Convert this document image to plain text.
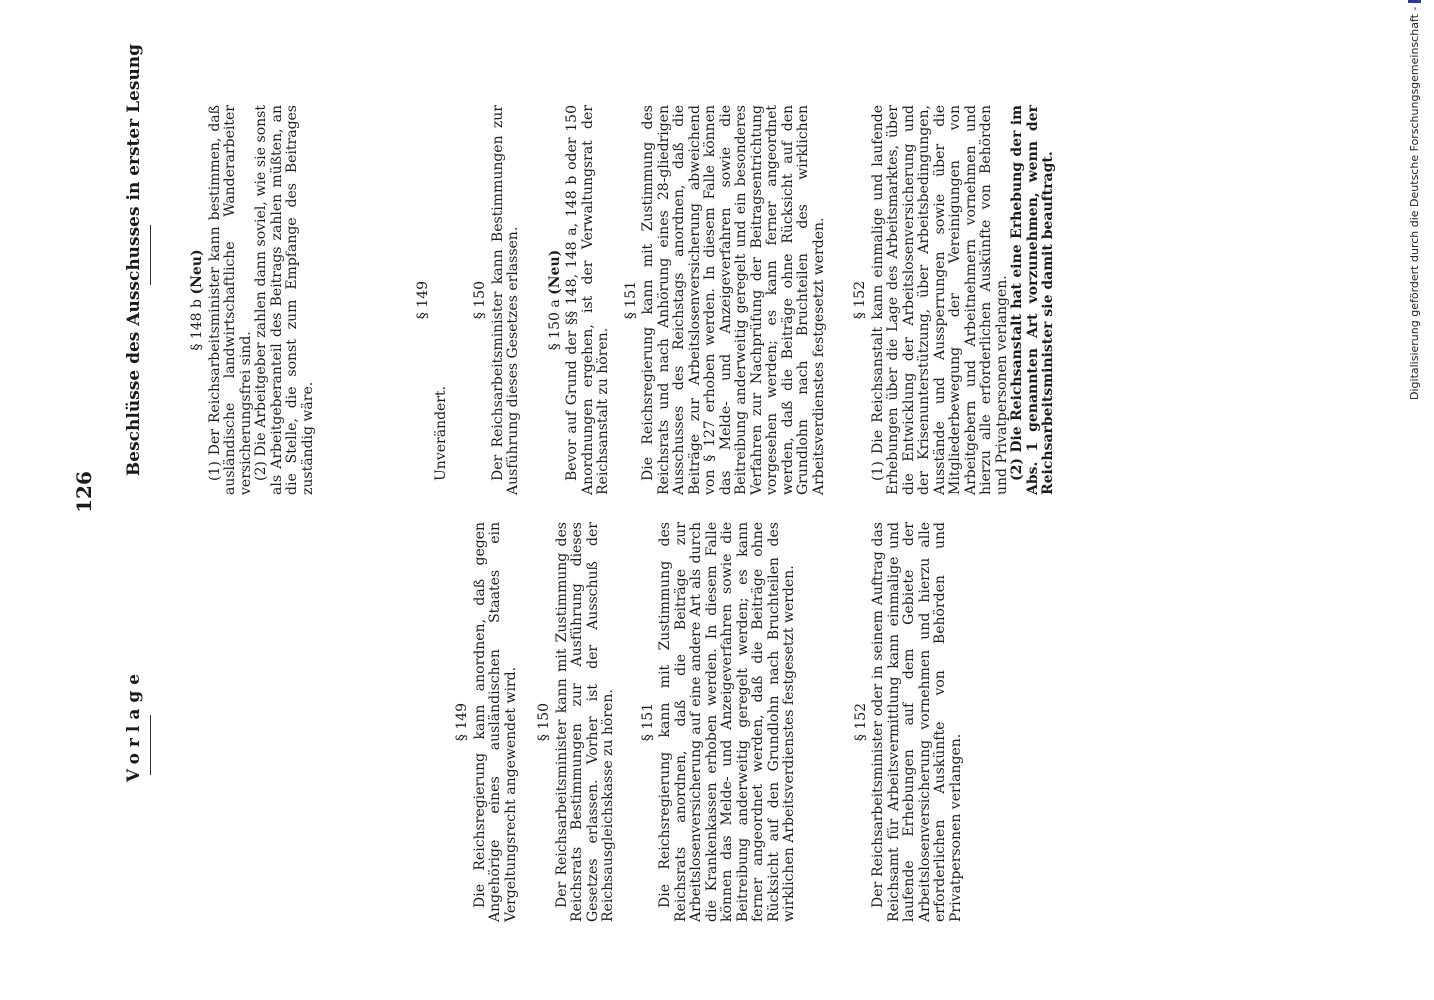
126
Vorlage
Beschlüsse des Ausschusses in erster Lesung
§ 149 Die Reichsregierung kann anordnen, daß gegen Angehörige eines ausländischen Staates ein Vergeltungsrecht angewendet wird. § 150 Der Reichsarbeitsminister kann mit Zustimmung des Reichsrats Bestimmungen zur Ausführung dieses Gesetzes erlassen. Vorher ist der Ausschuß der Reichsausgleichskasse zu hören. § 151 Die Reichsregierung kann mit Zustimmung des Reichsrats anordnen, daß die Beiträge zur Arbeitslosenversicherung auf eine andere Art als durch die Krankenkassen erhoben werden. In diesem Falle können das Melde- und Anzeigeverfahren sowie die Beitreibung anderweitig geregelt werden; es kann ferner angeordnet werden, daß die Beiträge ohne Rücksicht auf den Grundlohn nach Bruchteilen des wirklichen Arbeitsverdienstes festgesetzt werden.	§ 152 Der Reichsarbeitsminister oder in seinem Auftrag das Reichsamt für Arbeitsvermittlung kann einmalige und laufende Erhebungen auf dem Gebiete der Arbeitslosenversicherung vornehmen und hierzu alle erforderlichen Auskünfte von Behörden und Privatpersonen verlangen.

§ 148 b (Neu) (1) Der Reichsarbeitsminister kann bestimmen, daß ausländische landwirtschaftliche Wanderarbeiter versicherungsfrei sind. (2) Die Arbeitgeber zahlen dann soviel, wie sie sonst als Arbeitgeberanteil des Beitrags zahlen müßten, an die Stelle, die sonst zum Empfange des Beitrages zuständig wäre.

§ 149

Unverändert.

§ 150 Der Reichsarbeitsminister kann Bestimmungen zur Ausführung dieses Gesetzes erlassen. § 150 a (Neu) Bevor auf Grund der §§ 148, 148 a, 148 b oder 150 Anordnungen ergehen, ist der Verwaltungsrat der Reichsanstalt zu hören.

§ 151 Die Reichsregierung kann mit Zustimmung des Reichsrats und nach Anhörung eines 28-gliedrigen Ausschusses des Reichstags anordnen, daß die Beiträge zur Arbeitslosenversicherung abweichend von § 127 erhoben werden. In diesem Falle können das Melde- und Anzeigeverfahren sowie die Beitreibung anderweitig geregelt und ein besonderes Verfahren zur Nachprüfung der Beitragsentrichtung vorgesehen werden; es kann ferner angeordnet werden, daß die Beiträge ohne Rücksicht auf den Grundlohn nach Bruchteilen des wirklichen Arbeitsverdienstes festgesetzt werden. § 152 (1) Die Reichsanstalt kann einmalige und laufende Erhebungen über die Lage des Arbeitsmarktes, über die Entwicklung der Arbeitslosenversicherung und der Krisenunterstützung, über Arbeitsbedingungen, Ausstände und Aussperrungen sowie über die Mitgliederbewegung der Vereinigungen von Arbeitgebern und Arbeitnehmern vornehmen und hierzu alle erforderlichen Auskünfte von Behörden und Privatpersonen verlangen. (2) Die Reichsanstalt hat eine Erhebung der im Abs. 1 genannten Art vorzunehmen, wenn der Reichsarbeitsminister sie damit beauftragt.	Digitalisierung gefördert durch die Deutsche Forschungsgemeinschaft -
